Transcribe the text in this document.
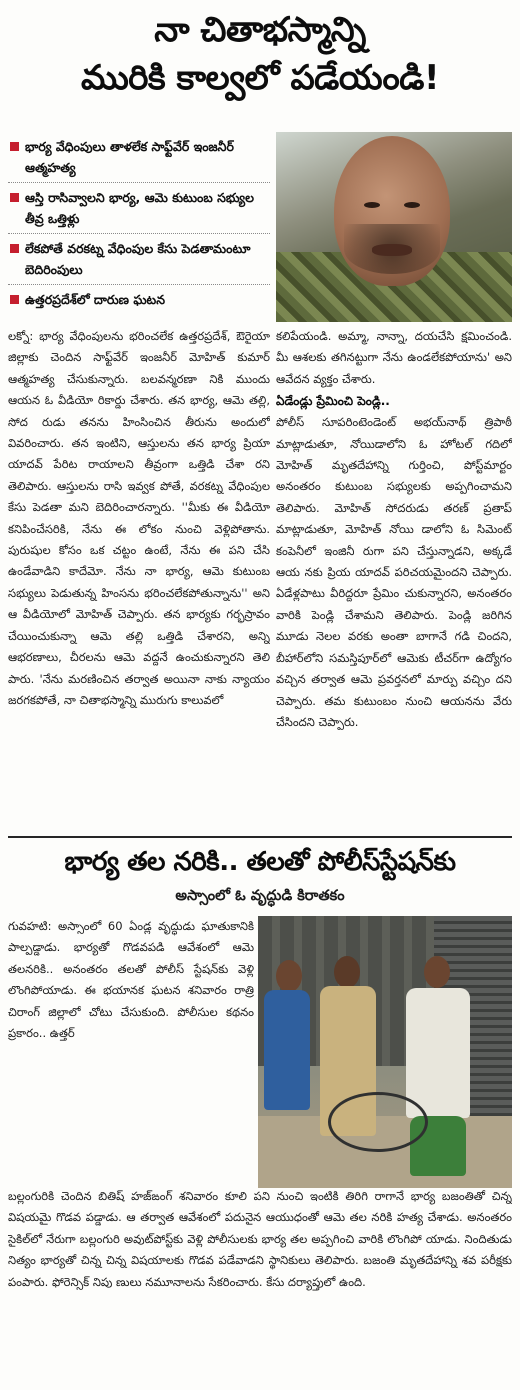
నా చితాభస్మాన్ని
మురికి కాల్వలో పడేయండి!
భార్య వేధింపులు తాళలేక సాఫ్ట్‌వేర్ ఇంజనీర్ ఆత్మహత్య
ఆస్తి రాసివ్వాలని భార్య, ఆమె కుటుంబ సభ్యుల తీవ్ర ఒత్తిళ్లు
లేకపోతే వరకట్న వేధింపుల కేసు పెడతామంటూ బెదిరింపులు
ఉత్తరప్రదేశ్‌లో దారుణ ఘటన

లక్నో: భార్య వేధింపులను భరించలేక ఉత్తరప్రదేశ్, ఔరైయా జిల్లాకు చెందిన సాఫ్ట్‌వేర్ ఇంజనీర్ మోహిత్ కుమార్ ఆత్మహత్య చేసుకున్నారు. బలవన్మరణా నికి ముందు ఆయన ఓ వీడియో రికార్డు చేశారు. తన భార్య, ఆమె తల్లి, సోద రుడు తనను హింసించిన తీరును అందులో వివరించారు. తన ఇంటిని, ఆస్తులను తన భార్య ప్రియా యాదవ్ పేరిట రాయాలని తీవ్రంగా ఒత్తిడి చేశా రని తెలిపారు. ఆస్తులను రాసి ఇవ్వక పోతే, వరకట్న వేధింపుల కేసు పెడతా మని బెదిరించారన్నారు. ''మీకు ఈ వీడియో కనిపించేసరికి, నేను ఈ లోకం నుంచి వెళ్లిపోతాను. పురుషుల కోసం ఒక చట్టం ఉంటే, నేను ఈ పని చేసి ఉండేవాడిని కాదేమో. నేను నా భార్య, ఆమె కుటుంబ సభ్యులు పెడుతున్న హింసను భరించలేకపోతున్నాను'' అని ఆ వీడియోలో మోహిత్ చెప్పారు. తన భార్యకు గర్భస్రావం చేయించుకున్నా ఆమె తల్లి ఒత్తిడి చేశారని, అన్ని ఆభరణాలు, చీరలను ఆమె వద్దనే ఉంచుకున్నారని తెలి పారు. 'నేను మరణించిన తర్వాత అయినా నాకు న్యాయం జరగకపోతే, నా చితాభస్మాన్ని మురుగు కాలువలో

కలిపేయండి. అమ్మా, నాన్నా, దయచేసి క్షమించండి. మీ ఆశలకు తగినట్టుగా నేను ఉండలేకపోయాను' అని ఆవేదన వ్యక్తం చేశారు.

ఏడేండ్లు ప్రేమించి పెండ్లి..

పోలీస్ సూపరింటెండెంట్ అభయ్‌నాథ్ త్రిపాఠీ మాట్లాడుతూ, నోయిడాలోని ఓ హోటల్ గదిలో మోహిత్ మృతదేహాన్ని గుర్తించి, పోస్ట్‌మార్టం అనంతరం కుటుంబ సభ్యులకు అప్పగించామని తెలిపారు. మోహిత్ సోదరుడు తరణ్ ప్రతాప్ మాట్లాడుతూ, మోహిత్ నోయి డాలోని ఓ సిమెంట్ కంపెనీలో ఇంజినీ రుగా పని చేస్తున్నాడని, అక్కడే ఆయ నకు ప్రియ యాదవ్ పరిచయమైందని చెప్పారు. ఏడేళ్లపాటు వీరిద్దరూ ప్రేమిం చుకున్నారని, అనంతరం వారికి పెండ్లి చేశామని తెలిపారు. పెండ్లి జరిగిన మూడు నెలల వరకు అంతా బాగానే గడి చిందని, బీహార్‌లోని సమస్తిపూర్‌లో ఆమెకు టీచర్‌గా ఉద్యోగం వచ్చిన తర్వాత ఆమె ప్రవర్తనలో మార్పు వచ్చిం దని చెప్పారు. తమ కుటుంబం నుంచి ఆయనను వేరు చేసిందని చెప్పారు.

భార్య తల నరికి.. తలతో పోలీస్‌స్టేషన్‌కు
అస్సాంలో ఓ వృద్ధుడి కిరాతకం

గువహటి: అస్సాంలో 60 ఏండ్ల వృద్ధుడు ఘాతుకానికి పాల్పడ్డాడు. భార్యతో గొడవపడి ఆవేశంలో ఆమె తలనరికి.. అనంతరం తలతో పోలీస్ స్టేషన్‌కు వెళ్లి లొంగిపోయాడు. ఈ భయానక ఘటన శనివారం రాత్రి చిరాంగ్ జిల్లాలో చోటు చేసుకుంది. పోలీసుల కథనం ప్రకారం.. ఉత్తర్

బల్లంగురికి చెందిన బితిష్ హజ్‌ఙంగ్ శనివారం కూలి పని నుంచి ఇంటికి తిరిగి రాగానే భార్య బజంతితో చిన్న విషయమై గొడవ పడ్డాడు. ఆ తర్వాత ఆవేశంలో పదునైన ఆయుధంతో ఆమె తల నరికి హత్య చేశాడు. అనంతరం సైకిల్‌లో నేరుగా బల్లంగురి అవుట్‌పోస్ట్‌కు వెళ్లి పోలీసులకు భార్య తల అప్పగించి వారికి లొంగిపో యాడు. నిందితుడు నిత్యం భార్యతో చిన్న చిన్న విషయాలకు గొడవ పడేవాడని స్థానికులు తెలిపారు. బజంతి మృతదేహాన్ని శవ పరీక్షకు పంపారు. ఫోరెన్సిక్ నిపు ణులు నమూనాలను సేకరించారు. కేసు దర్యాప్తులో ఉంది.
